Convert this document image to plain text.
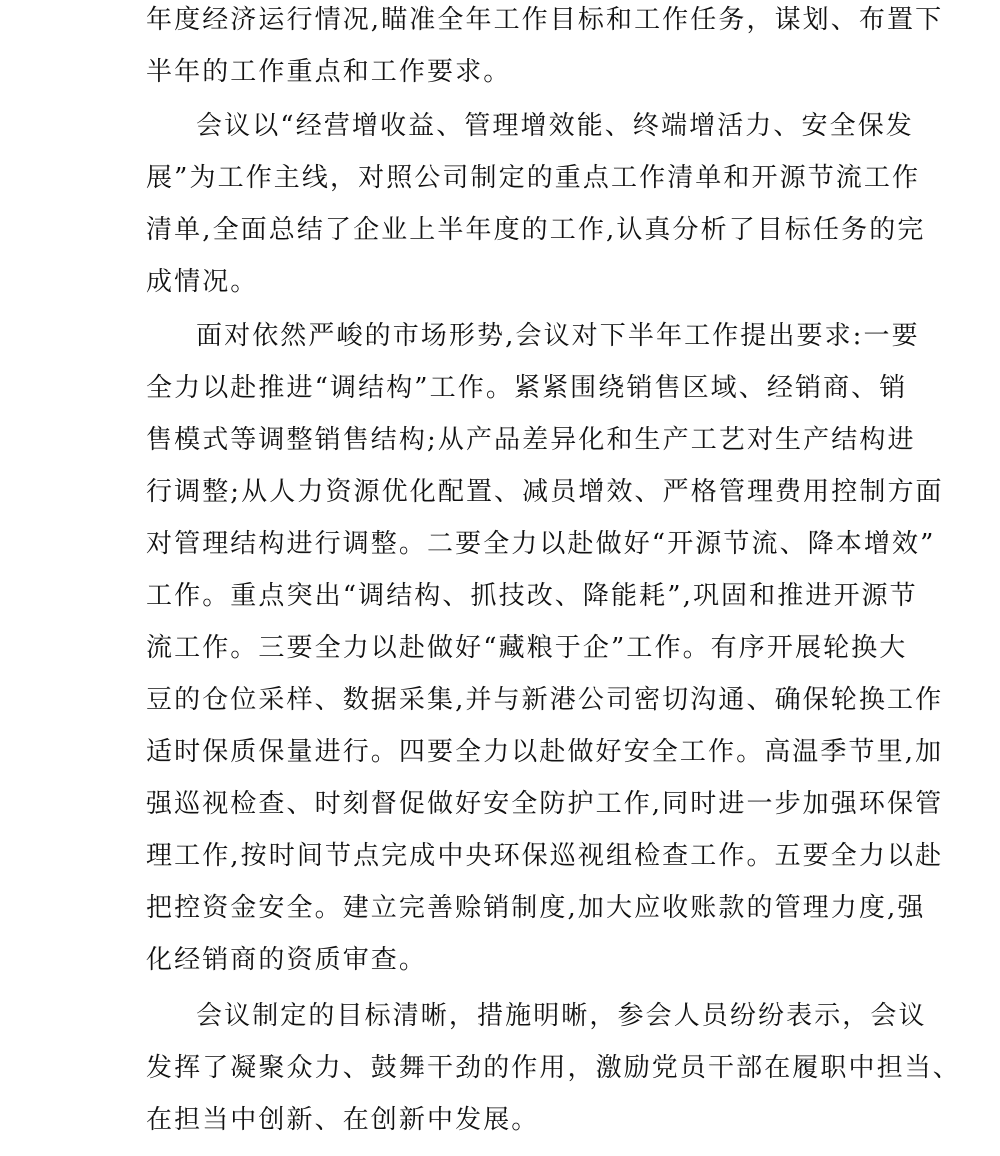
年度经济运行情况,瞄准全年工作目标和工作任务，谋划、布置下
半年的工作重点和工作要求。
会议以“经营增收益、管理增效能、终端增活力、安全保发
展”为工作主线，对照公司制定的重点工作清单和开源节流工作
清单,全面总结了企业上半年度的工作,认真分析了目标任务的完
成情况。
面对依然严峻的市场形势,会议对下半年工作提出要求:一要
全力以赴推进“调结构”工作。紧紧围绕销售区域、经销商、销
售模式等调整销售结构;从产品差异化和生产工艺对生产结构进
行调整;从人力资源优化配置、减员增效、严格管理费用控制方面
对管理结构进行调整。二要全力以赴做好“开源节流、降本增效”
工作。重点突出“调结构、抓技改、降能耗”,巩固和推进开源节
流工作。三要全力以赴做好“藏粮于企”工作。有序开展轮换大
豆的仓位采样、数据采集,并与新港公司密切沟通、确保轮换工作
适时保质保量进行。四要全力以赴做好安全工作。高温季节里,加
强巡视检查、时刻督促做好安全防护工作,同时进一步加强环保管
理工作,按时间节点完成中央环保巡视组检查工作。五要全力以赴
把控资金安全。建立完善赊销制度,加大应收账款的管理力度,强
化经销商的资质审查。
会议制定的目标清晰，措施明晰，参会人员纷纷表示，会议
发挥了凝聚众力、鼓舞干劲的作用，激励党员干部在履职中担当、
在担当中创新、在创新中发展。
